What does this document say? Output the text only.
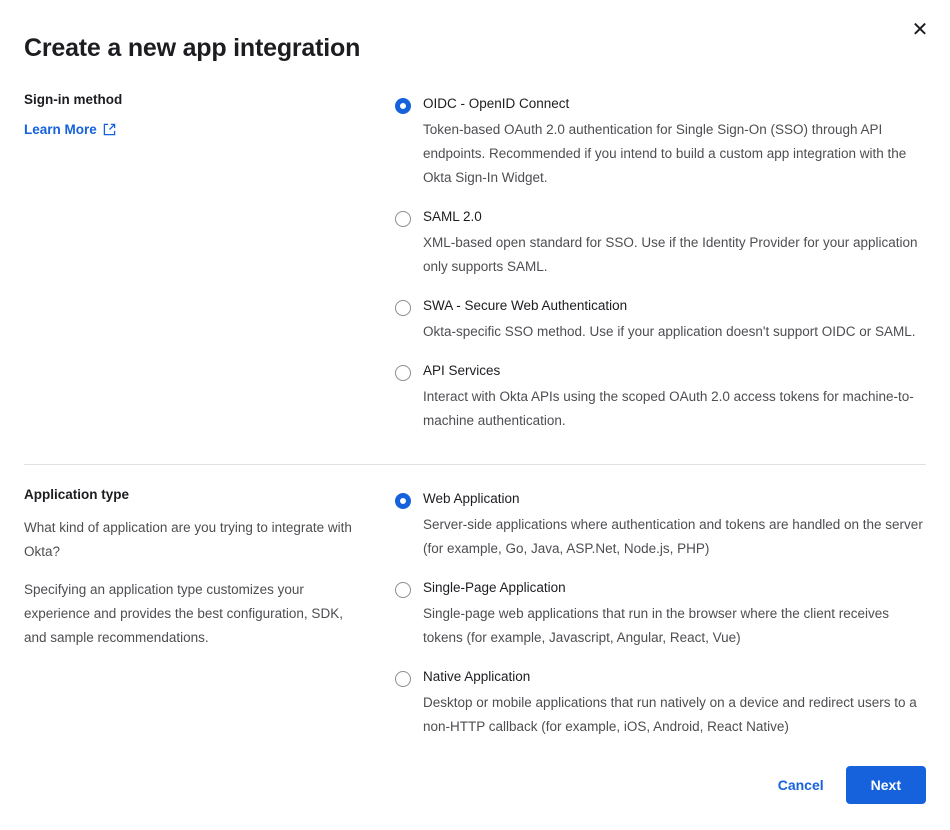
✕
Create a new app integration
Sign-in method
Learn More
OIDC - OpenID Connect
Token-based OAuth 2.0 authentication for Single Sign-On (SSO) through API endpoints. Recommended if you intend to build a custom app integration with the Okta Sign-In Widget.
SAML 2.0
XML-based open standard for SSO. Use if the Identity Provider for your application only supports SAML.
SWA - Secure Web Authentication
Okta-specific SSO method. Use if your application doesn't support OIDC or SAML.
API Services
Interact with Okta APIs using the scoped OAuth 2.0 access tokens for machine-to-machine authentication.
Application type

What kind of application are you trying to integrate with Okta?

Specifying an application type customizes your experience and provides the best configuration, SDK, and sample recommendations.

Web Application
Server-side applications where authentication and tokens are handled on the server (for example, Go, Java, ASP.Net, Node.js, PHP)
Single-Page Application
Single-page web applications that run in the browser where the client receives tokens (for example, Javascript, Angular, React, Vue)
Native Application
Desktop or mobile applications that run natively on a device and redirect users to a non-HTTP callback (for example, iOS, Android, React Native)
Cancel	Next
